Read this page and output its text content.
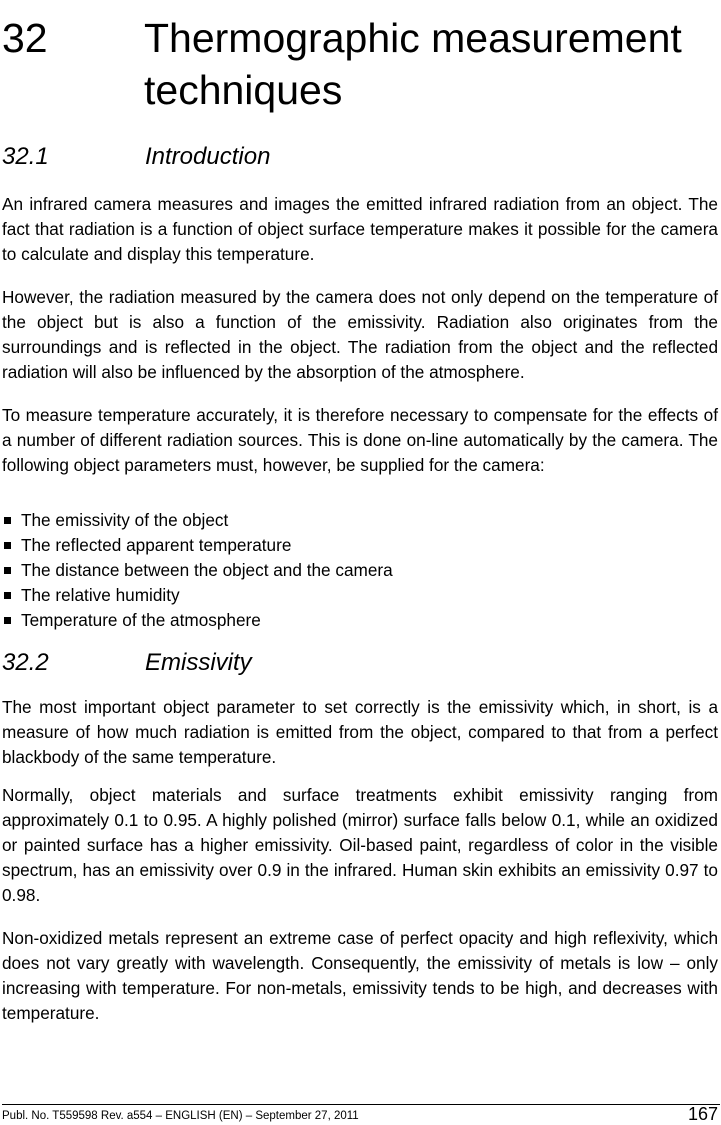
32 Thermographic measurement techniques
32.1	Introduction

An infrared camera measures and images the emitted infrared radiation from an object. The fact that radiation is a function of object surface temperature makes it possible for the camera to calculate and display this temperature.

However, the radiation measured by the camera does not only depend on the temperature of the object but is also a function of the emissivity. Radiation also originates from the surroundings and is reflected in the object. The radiation from the object and the reflected radiation will also be influenced by the absorption of the atmosphere.

To measure temperature accurately, it is therefore necessary to compensate for the effects of a number of different radiation sources. This is done on-line automatically by the camera. The following object parameters must, however, be supplied for the camera:

The emissivity of the object
The reflected apparent temperature
The distance between the object and the camera
The relative humidity
Temperature of the atmosphere
32.2	Emissivity

The most important object parameter to set correctly is the emissivity which, in short, is a measure of how much radiation is emitted from the object, compared to that from a perfect blackbody of the same temperature.

Normally, object materials and surface treatments exhibit emissivity ranging from approximately 0.1 to 0.95. A highly polished (mirror) surface falls below 0.1, while an oxidized or painted surface has a higher emissivity. Oil-based paint, regardless of color in the visible spectrum, has an emissivity over 0.9 in the infrared. Human skin exhibits an emissivity 0.97 to 0.98.

Non-oxidized metals represent an extreme case of perfect opacity and high reflexivity, which does not vary greatly with wavelength. Consequently, the emissivity of metals is low – only increasing with temperature. For non-metals, emissivity tends to be high, and decreases with temperature.

Publ. No. T559598 Rev. a554 – ENGLISH (EN) – September 27, 2011	167
